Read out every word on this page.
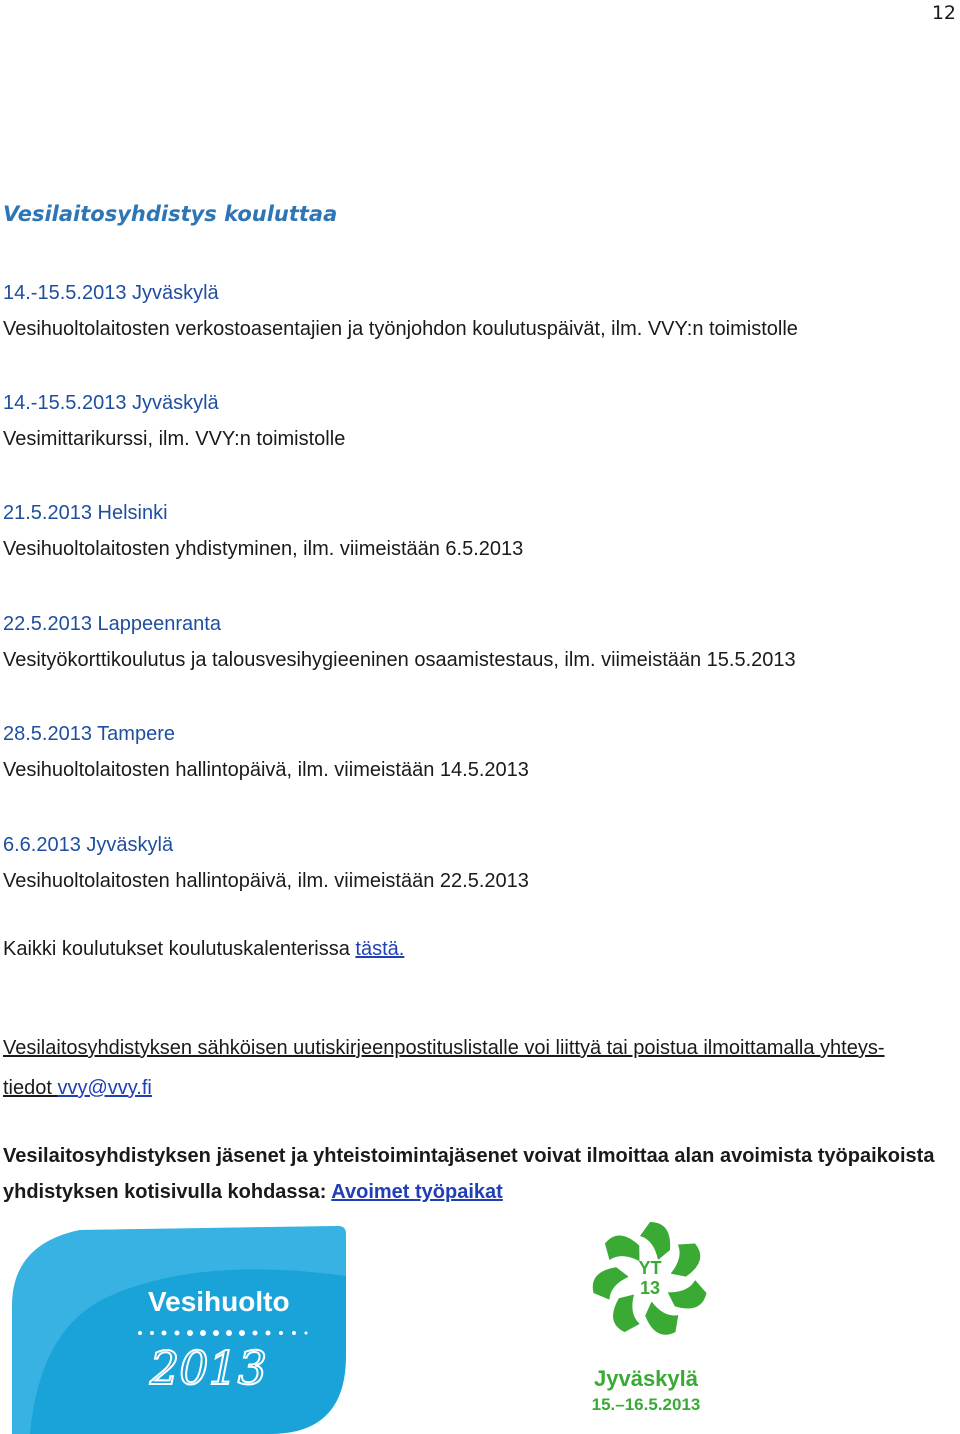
12
Vesilaitosyhdistys kouluttaa
14.-15.5.2013 Jyväskylä
Vesihuoltolaitosten verkostoasentajien ja työnjohdon koulutuspäivät, ilm. VVY:n toimistolle
14.-15.5.2013 Jyväskylä
Vesimittarikurssi, ilm. VVY:n toimistolle
21.5.2013 Helsinki
Vesihuoltolaitosten yhdistyminen, ilm. viimeistään 6.5.2013
22.5.2013 Lappeenranta
Vesityökorttikoulutus ja talousvesihygieeninen osaamistestaus, ilm. viimeistään 15.5.2013
28.5.2013 Tampere
Vesihuoltolaitosten hallintopäivä, ilm. viimeistään 14.5.2013
6.6.2013 Jyväskylä
Vesihuoltolaitosten hallintopäivä, ilm. viimeistään 22.5.2013
Kaikki koulutukset koulutuskalenterissa tästä.
Vesilaitosyhdistyksen sähköisen uutiskirjeenpostituslistalle voi liittyä tai poistua ilmoittamalla yhteys-
tiedot vvy@vvy.fi
Vesilaitosyhdistyksen jäsenet ja yhteistoimintajäsenet voivat ilmoittaa alan avoimista työpaikoista yhdistyksen kotisivulla kohdassa: Avoimet työpaikat
Vesihuolto
2013
YT
13
Jyväskylä
15.–16.5.2013
